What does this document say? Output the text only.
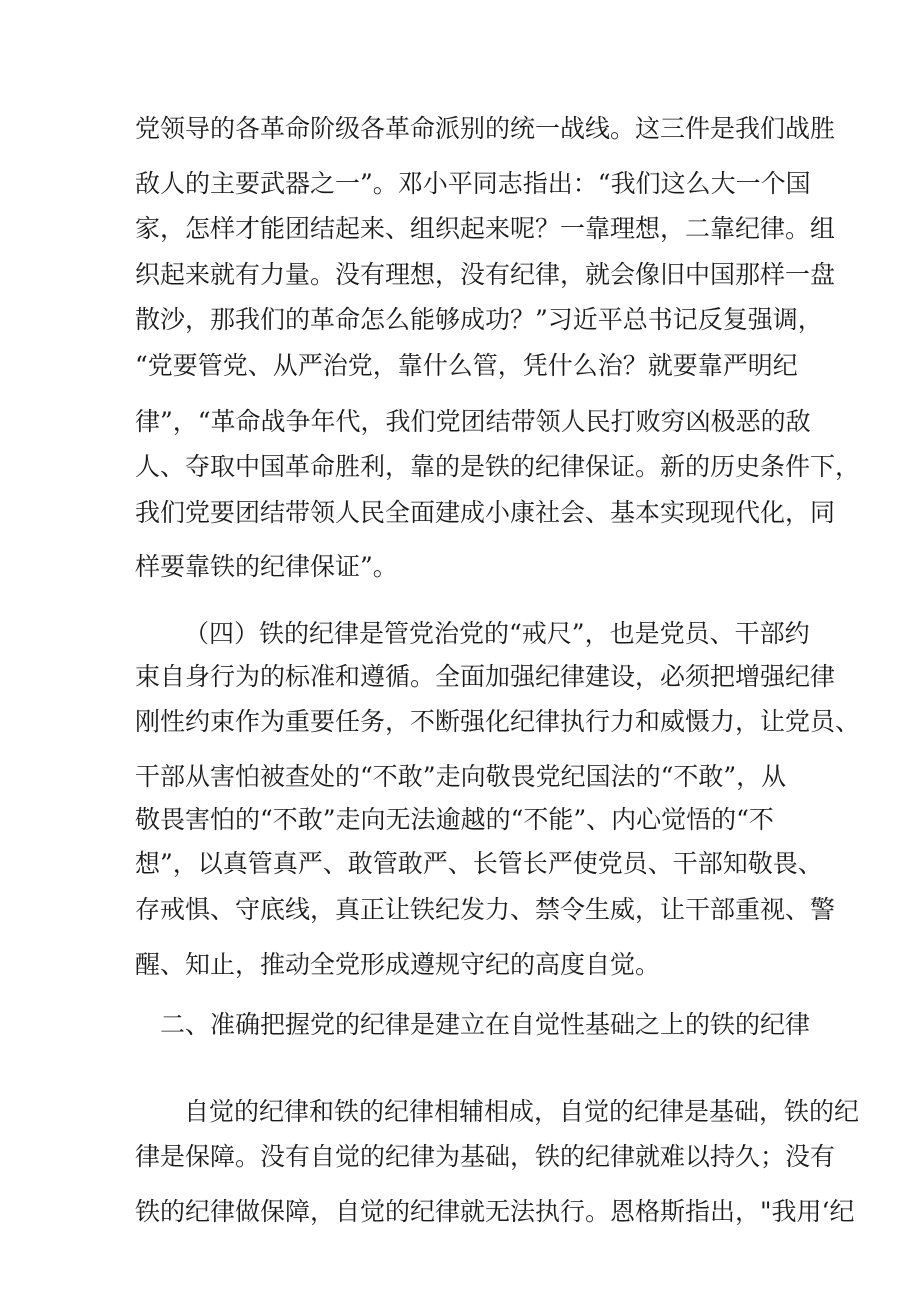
党领导的各革命阶级各革命派别的统一战线。这三件是我们战胜
敌人的主要武器之一”。邓小平同志指出：“我们这么大一个国
家，怎样才能团结起来、组织起来呢？一靠理想，二靠纪律。组
织起来就有力量。没有理想，没有纪律，就会像旧中国那样一盘
散沙，那我们的革命怎么能够成功？”习近平总书记反复强调，
“党要管党、从严治党，靠什么管，凭什么治？就要靠严明纪
律”，“革命战争年代，我们党团结带领人民打败穷凶极恶的敌
人、夺取中国革命胜利，靠的是铁的纪律保证。新的历史条件下，
我们党要团结带领人民全面建成小康社会、基本实现现代化，同
样要靠铁的纪律保证”。
（四）铁的纪律是管党治党的“戒尺”，也是党员、干部约
束自身行为的标准和遵循。全面加强纪律建设，必须把增强纪律
刚性约束作为重要任务，不断强化纪律执行力和威慑力，让党员、
干部从害怕被查处的“不敢”走向敬畏党纪国法的“不敢”，从
敬畏害怕的“不敢”走向无法逾越的“不能”、内心觉悟的“不
想”，以真管真严、敢管敢严、长管长严使党员、干部知敬畏、
存戒惧、守底线，真正让铁纪发力、禁令生威，让干部重视、警
醒、知止，推动全党形成遵规守纪的高度自觉。
二、准确把握党的纪律是建立在自觉性基础之上的铁的纪律
自觉的纪律和铁的纪律相辅相成，自觉的纪律是基础，铁的纪
律是保障。没有自觉的纪律为基础，铁的纪律就难以持久；没有
铁的纪律做保障，自觉的纪律就无法执行。恩格斯指出，"我用‘纪
